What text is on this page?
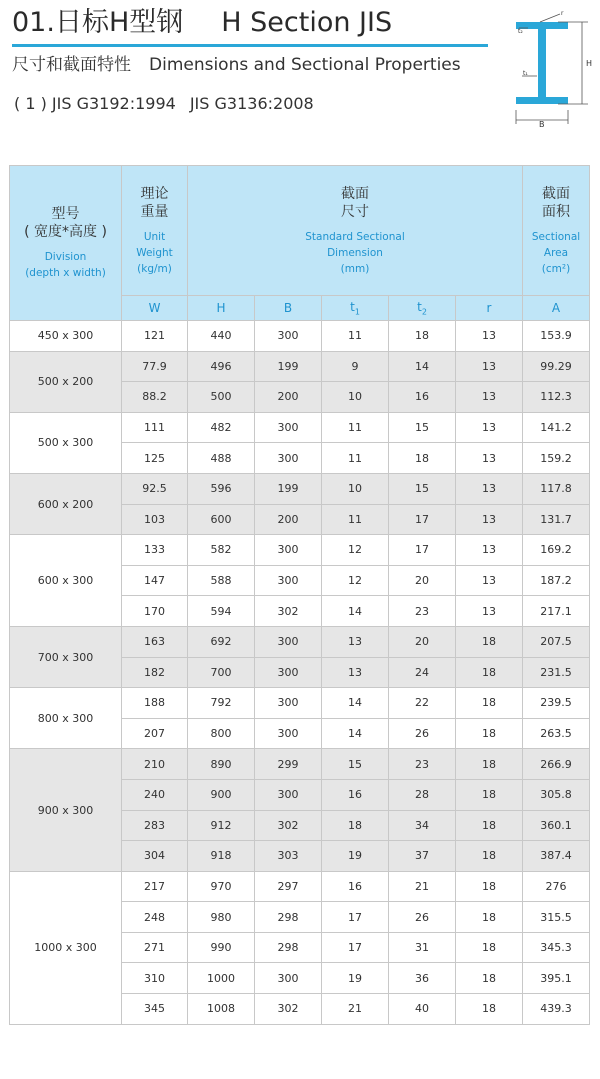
01.日标H型钢 H Section JIS
尺寸和截面特性 Dimensions and Sectional Properties
( 1 ) JIS G3192:1994 JIS G3136:2008
H
B
t₁
t₂
r
型号
( 宽度*高度 )
Division
(depth x width)	理论
重量
Unit
Weight
(kg/m)	截面
尺寸
Standard Sectional
Dimension
(mm)					截面
面积
Sectional
Area
(cm²)

	W	H	B	$t_1$	$t_2$	r	A
450 x 300	121	440	300	11	18	13	153.9
500 x 200	77.9	496	199	9	14	13	99.29
	88.2	500	200	10	16	13	112.3
500 x 300	111	482	300	11	15	13	141.2
	125	488	300	11	18	13	159.2
600 x 200	92.5	596	199	10	15	13	117.8
	103	600	200	11	17	13	131.7
600 x 300	133	582	300	12	17	13	169.2
	147	588	300	12	20	13	187.2
	170	594	302	14	23	13	217.1
700 x 300	163	692	300	13	20	18	207.5
	182	700	300	13	24	18	231.5
800 x 300	188	792	300	14	22	18	239.5
	207	800	300	14	26	18	263.5
900 x 300	210	890	299	15	23	18	266.9
	240	900	300	16	28	18	305.8
	283	912	302	18	34	18	360.1
	304	918	303	19	37	18	387.4
1000 x 300	217	970	297	16	21	18	276
	248	980	298	17	26	18	315.5
	271	990	298	17	31	18	345.3
	310	1000	300	19	36	18	395.1
	345	1008	302	21	40	18	439.3
